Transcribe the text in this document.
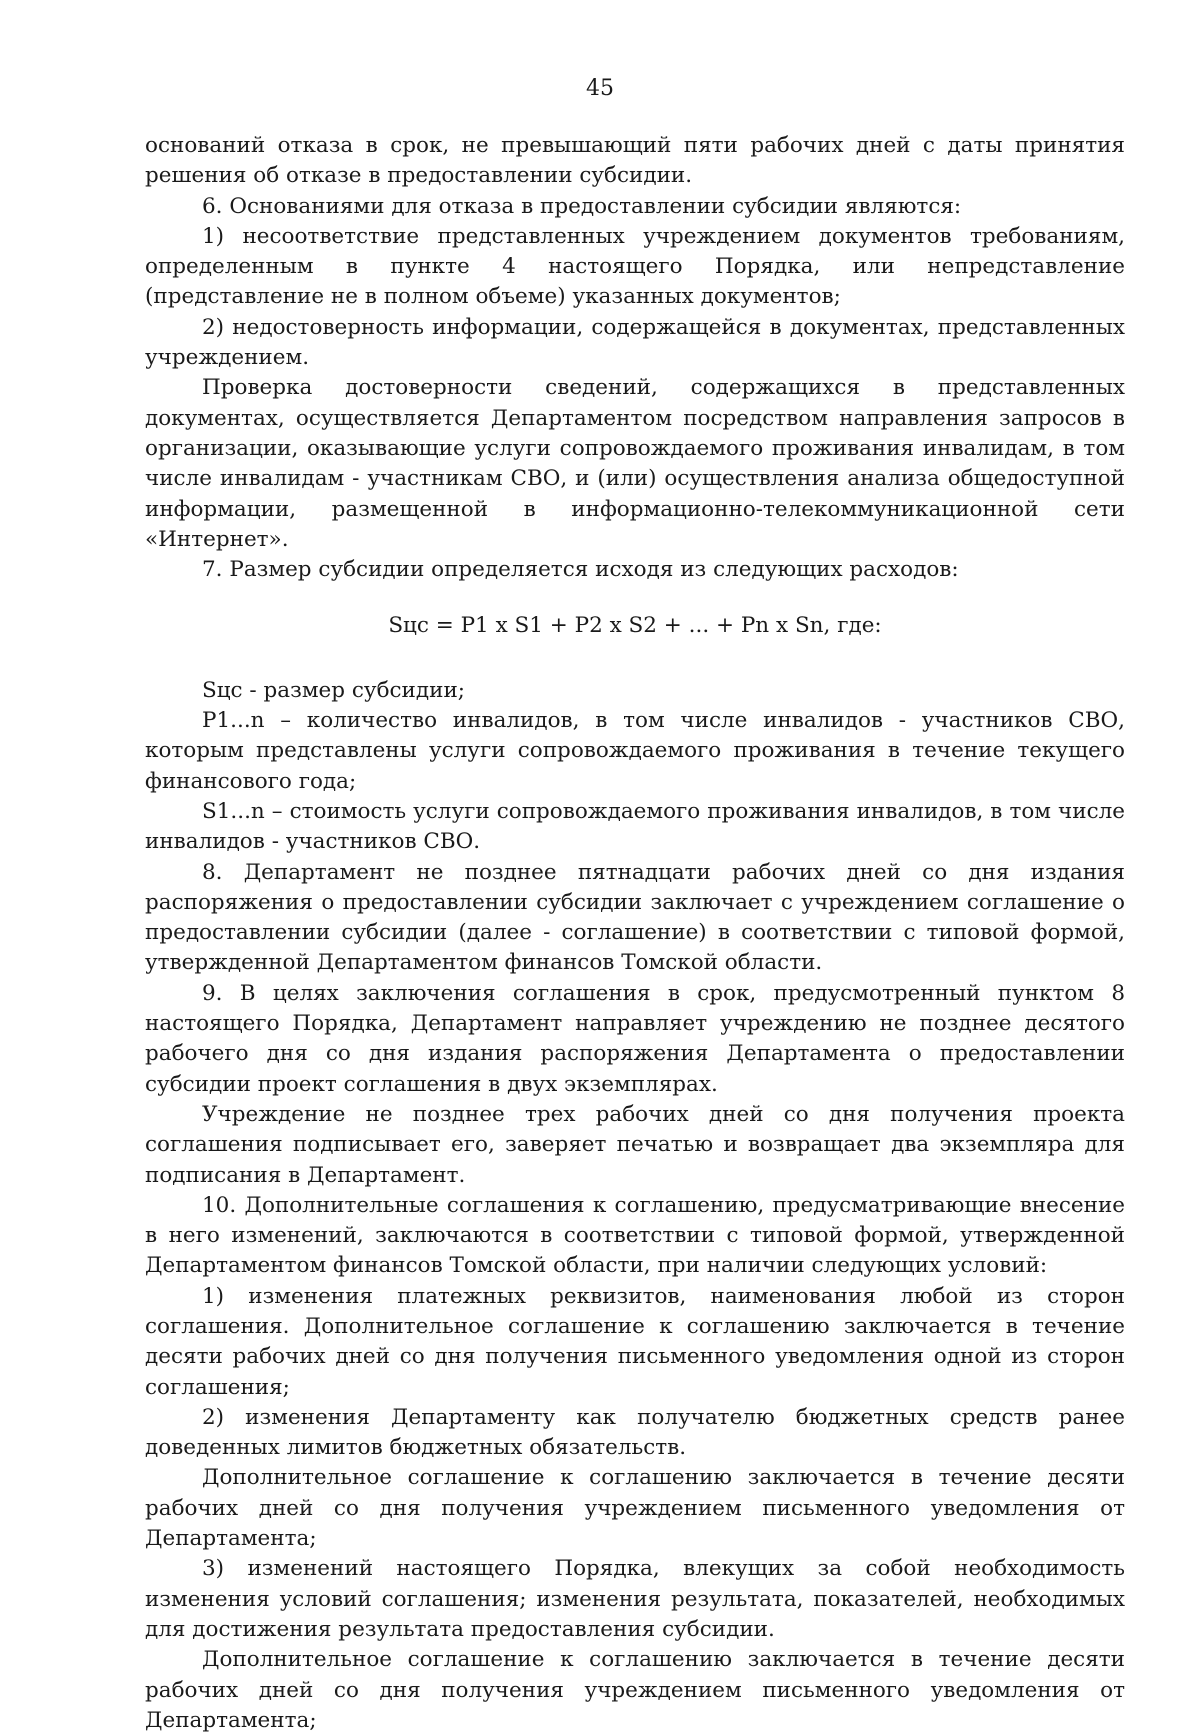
45

оснований отказа в срок, не превышающий пяти рабочих дней с даты принятия решения об отказе в предоставлении субсидии.

6. Основаниями для отказа в предоставлении субсидии являются:

1) несоответствие представленных учреждением документов требованиям, определенным в пункте 4 настоящего Порядка, или непредставление (представление не в полном объеме) указанных документов;

2) недостоверность информации, содержащейся в документах, представленных учреждением.

Проверка достоверности сведений, содержащихся в представленных документах, осуществляется Департаментом посредством направления запросов в организации, оказывающие услуги сопровождаемого проживания инвалидам, в том числе инвалидам - участникам СВО, и (или) осуществления анализа общедоступной информации, размещенной в информационно-телекоммуникационной сети «Интернет».

7. Размер субсидии определяется исходя из следующих расходов:

Sцс = P1 x S1 + P2 x S2 + ... + Pn x Sn, где:

Sцс - размер субсидии;

P1...n – количество инвалидов, в том числе инвалидов - участников СВО, которым представлены услуги сопровождаемого проживания в течение текущего финансового года;

S1...n – стоимость услуги сопровождаемого проживания инвалидов, в том числе инвалидов - участников СВО.

8. Департамент не позднее пятнадцати рабочих дней со дня издания распоряжения о предоставлении субсидии заключает с учреждением соглашение о предоставлении субсидии (далее - соглашение) в соответствии с типовой формой, утвержденной Департаментом финансов Томской области.

9. В целях заключения соглашения в срок, предусмотренный пунктом 8 настоящего Порядка, Департамент направляет учреждению не позднее десятого рабочего дня со дня издания распоряжения Департамента о предоставлении субсидии проект соглашения в двух экземплярах.

Учреждение не позднее трех рабочих дней со дня получения проекта соглашения подписывает его, заверяет печатью и возвращает два экземпляра для подписания в Департамент.

10. Дополнительные соглашения к соглашению, предусматривающие внесение в него изменений, заключаются в соответствии с типовой формой, утвержденной Департаментом финансов Томской области, при наличии следующих условий:

1) изменения платежных реквизитов, наименования любой из сторон соглашения. Дополнительное соглашение к соглашению заключается в течение десяти рабочих дней со дня получения письменного уведомления одной из сторон соглашения;

2) изменения Департаменту как получателю бюджетных средств ранее доведенных лимитов бюджетных обязательств.

Дополнительное соглашение к соглашению заключается в течение десяти рабочих дней со дня получения учреждением письменного уведомления от Департамента;

3) изменений настоящего Порядка, влекущих за собой необходимость изменения условий соглашения; изменения результата, показателей, необходимых для достижения результата предоставления субсидии.

Дополнительное соглашение к соглашению заключается в течение десяти рабочих дней со дня получения учреждением письменного уведомления от Департамента;
